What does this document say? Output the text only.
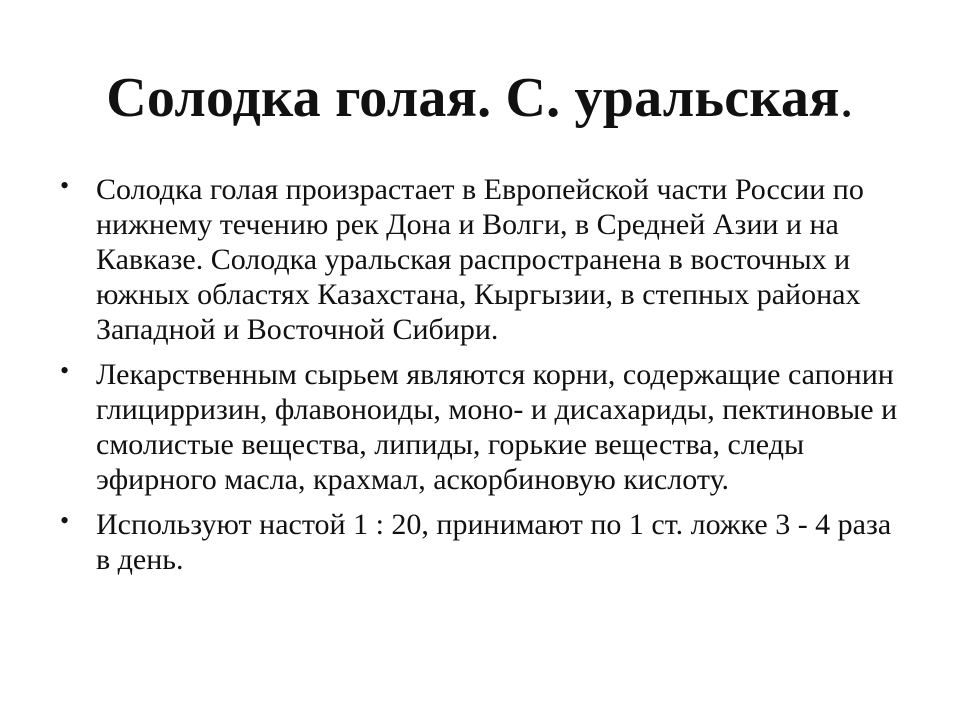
Солодка голая. С. уральская.
• Солодка голая произрастает в Европейской части России по нижнему течению рек Дона и Волги, в Средней Азии и на Кавказе. Солодка уральская распространена в восточных и южных областях Казахстана, Кыргызии, в степных районах Западной и Восточной Сибири.
• Лекарственным сырьем являются корни, содержащие сапонин глицирризин, флавоноиды, моно- и дисахариды, пектиновые и смолистые вещества, липиды, горькие вещества, следы эфирного масла, крахмал, аскорбиновую кислоту.
• Используют настой 1 : 20, принимают по 1 ст. ложке 3 - 4 раза в день.
